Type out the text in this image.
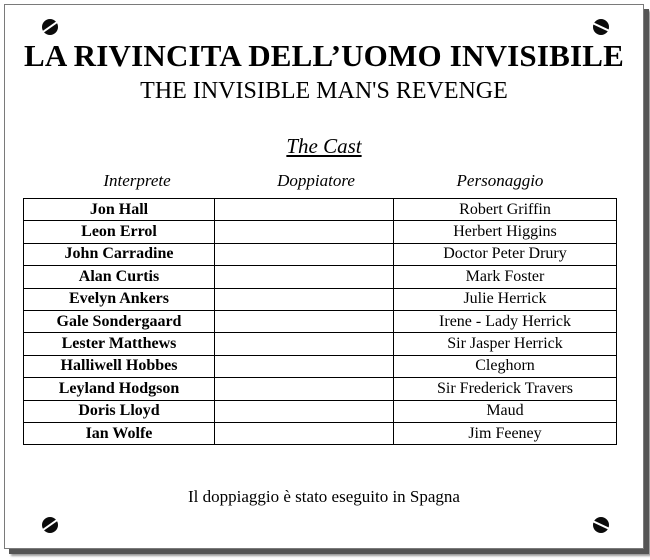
LA RIVINCITA DELL’UOMO INVISIBILE
THE INVISIBLE MAN'S REVENGE
The Cast
Interprete	Doppiatore	Personaggio
Jon Hall		Robert Griffin
Leon Errol		Herbert Higgins
John Carradine		Doctor Peter Drury
Alan Curtis		Mark Foster
Evelyn Ankers		Julie Herrick
Gale Sondergaard		Irene - Lady Herrick
Lester Matthews		Sir Jasper Herrick
Halliwell Hobbes		Cleghorn
Leyland Hodgson		Sir Frederick Travers
Doris Lloyd		Maud
Ian Wolfe		Jim Feeney
Il doppiaggio è stato eseguito in Spagna
